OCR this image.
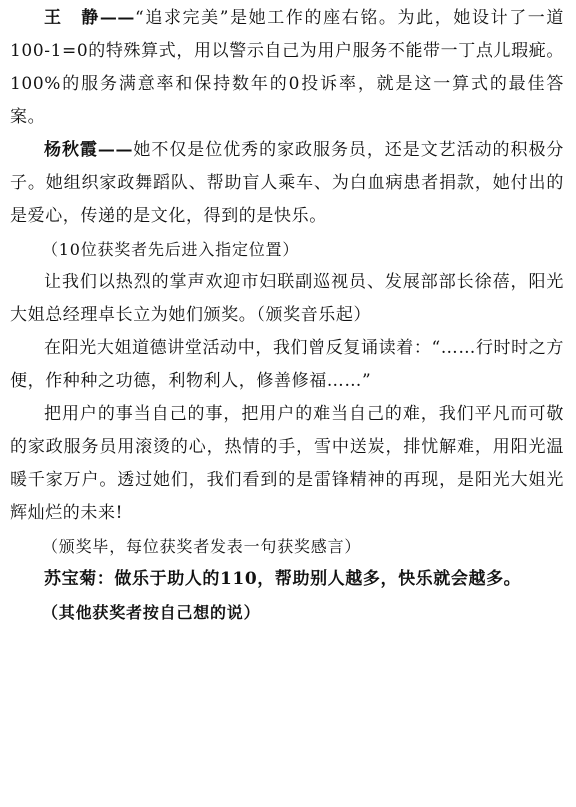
王　静——“追求完美”是她工作的座右铭。为此，她设计了一道100-1=0的特殊算式，用以警示自己为用户服务不能带一丁点儿瑕疵。100%的服务满意率和保持数年的0投诉率，就是这一算式的最佳答案。

杨秋霞——她不仅是位优秀的家政服务员，还是文艺活动的积极分子。她组织家政舞蹈队、帮助盲人乘车、为白血病患者捐款，她付出的是爱心，传递的是文化，得到的是快乐。

（10位获奖者先后进入指定位置）

让我们以热烈的掌声欢迎市妇联副巡视员、发展部部长徐蓓，阳光大姐总经理卓长立为她们颁奖。（颁奖音乐起）

在阳光大姐道德讲堂活动中，我们曾反复诵读着：“……行时时之方便，作种种之功德，利物利人，修善修福……”

把用户的事当自己的事，把用户的难当自己的难，我们平凡而可敬的家政服务员用滚烫的心，热情的手，雪中送炭，排忧解难，用阳光温暖千家万户。透过她们，我们看到的是雷锋精神的再现，是阳光大姐光辉灿烂的未来!

（颁奖毕，每位获奖者发表一句获奖感言）

苏宝菊：做乐于助人的110，帮助别人越多，快乐就会越多。

（其他获奖者按自己想的说）
